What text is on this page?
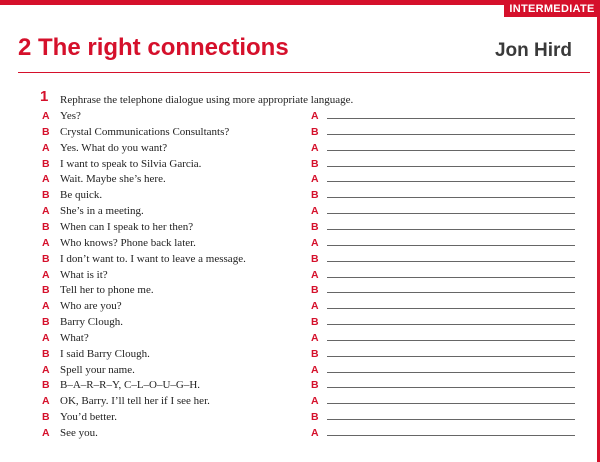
INTERMEDIATE
2 The right connections	Jon Hird
1 Rephrase the telephone dialogue using more appropriate language.
A Yes?	A
B Crystal Communications Consultants?	B
A Yes. What do you want?	A
B I want to speak to Silvia Garcia.	B
A Wait. Maybe she’s here.	A
B Be quick.	B
A She’s in a meeting.	A
B When can I speak to her then?	B
A Who knows? Phone back later.	A
B I don’t want to. I want to leave a message.	B
A What is it?	A
B Tell her to phone me.	B
A Who are you?	A
B Barry Clough.	B
A What?	A
B I said Barry Clough.	B
A Spell your name.	A
B B–A–R–R–Y, C–L–O–U–G–H.	B
A OK, Barry. I’ll tell her if I see her.	A
B You’d better.	B
A See you.	A
